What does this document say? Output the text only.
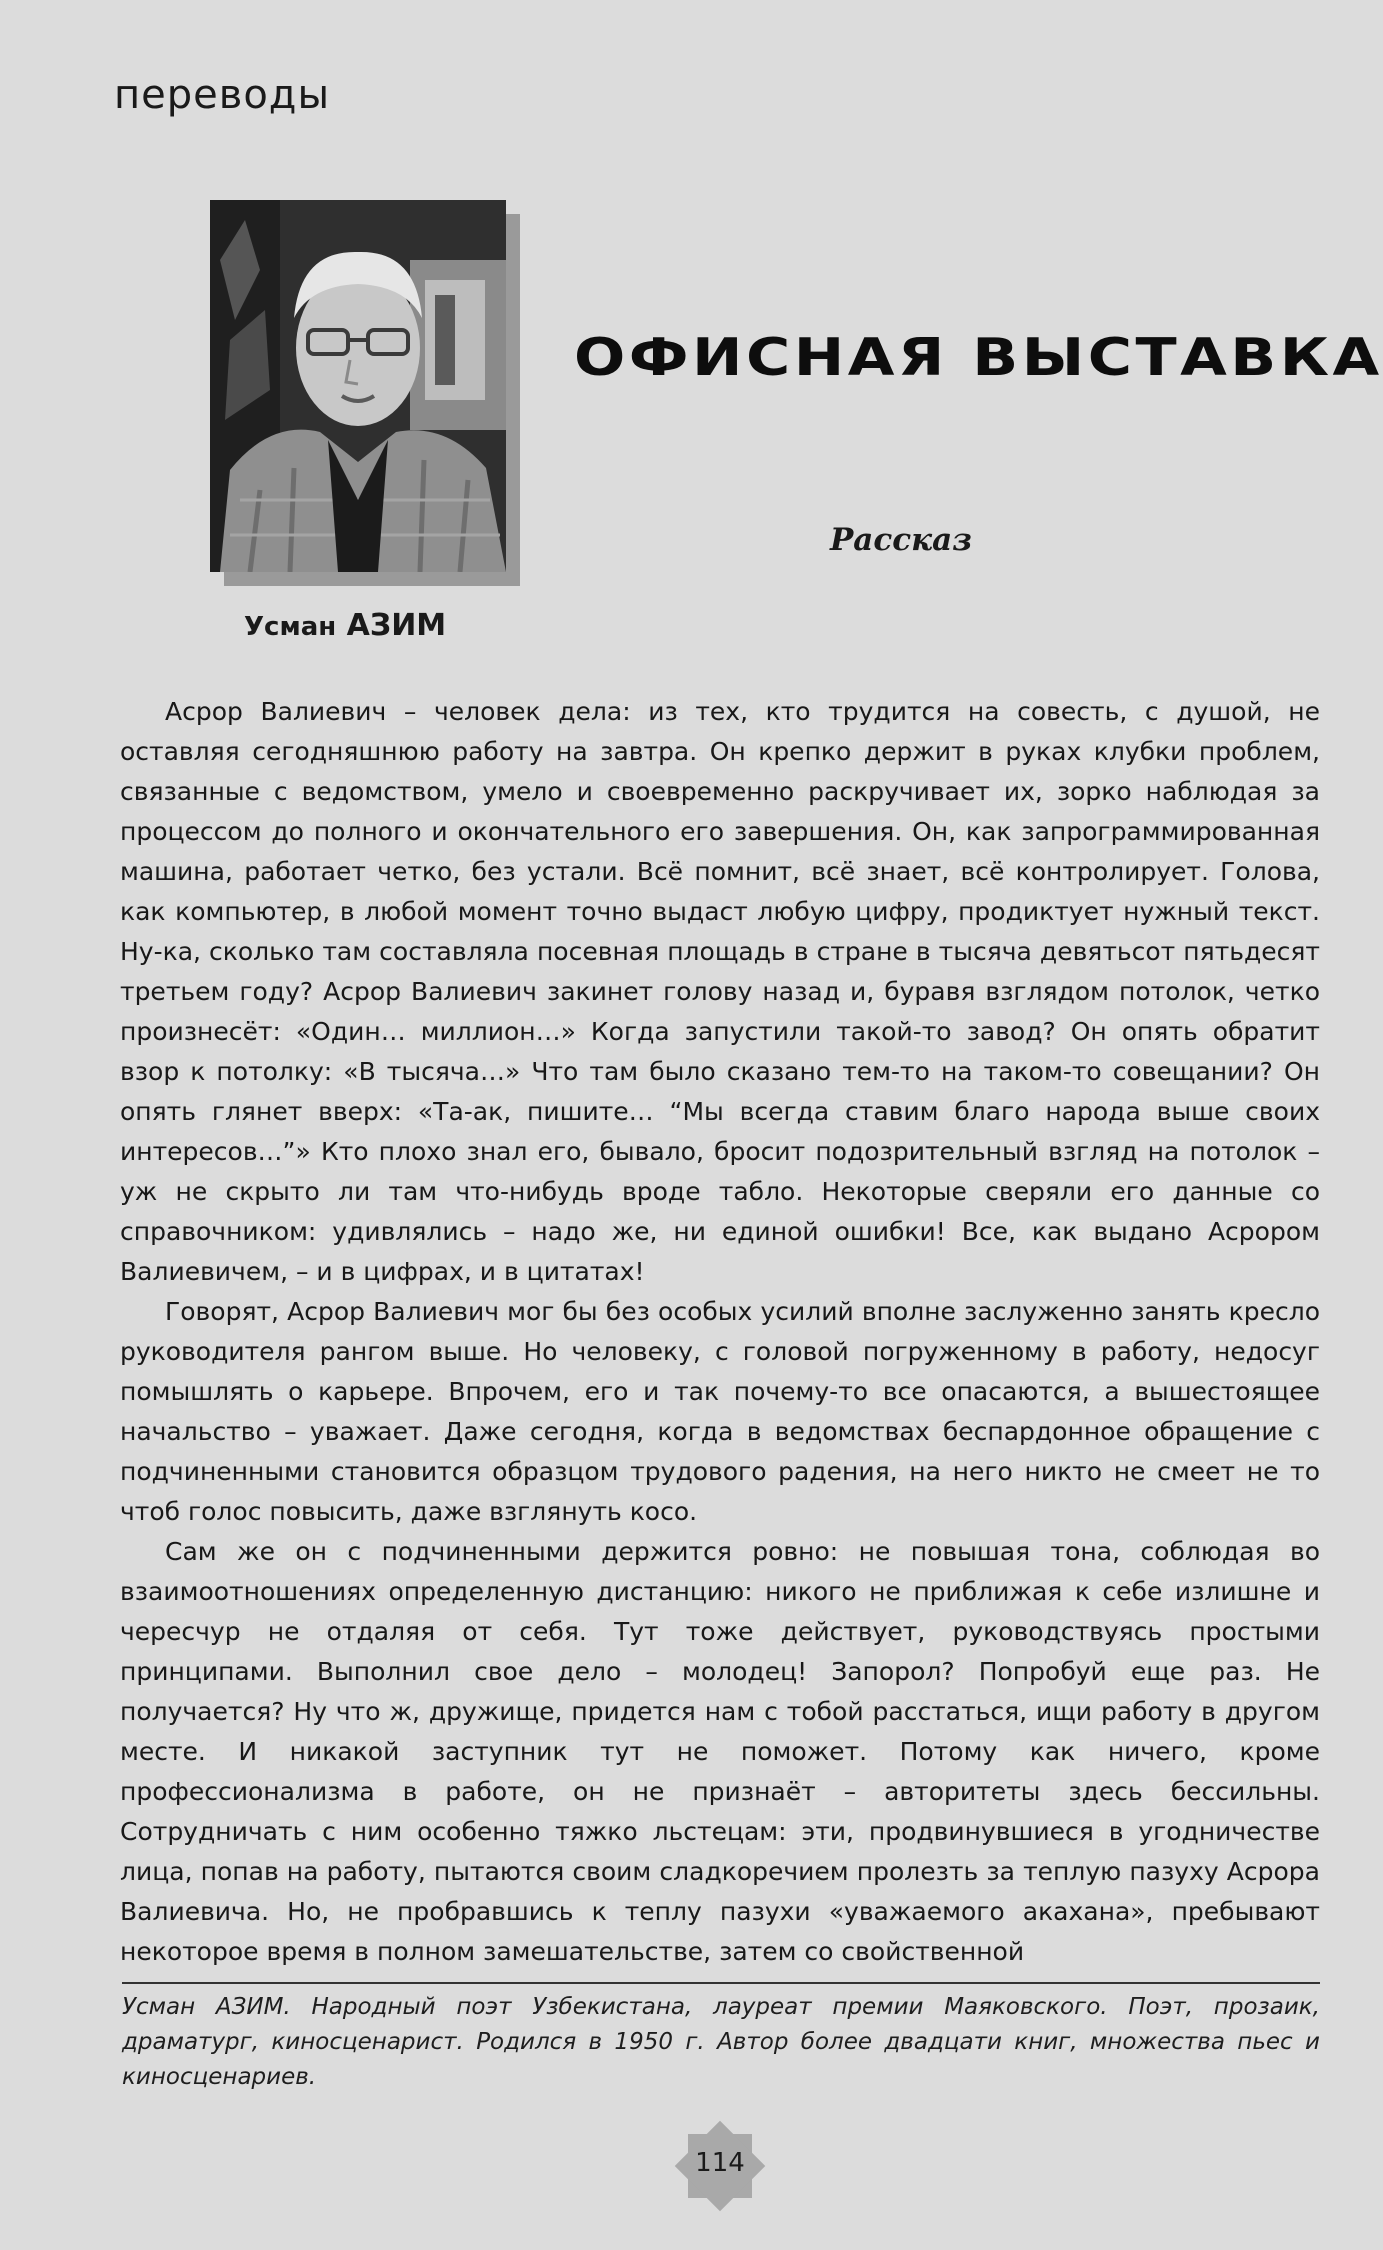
переводы
ОФИСНАЯ ВЫСТАВКА
Рассказ
Усман АЗИМ

Асрор Валиевич – человек дела: из тех, кто трудится на совесть, с душой, не оставляя сегодняшнюю работу на завтра. Он крепко держит в руках клубки проблем, связанные с ведомством, умело и своевременно раскручивает их, зорко наблюдая за процессом до полного и окончательного его завершения. Он, как запрограммированная машина, работает четко, без устали. Всё помнит, всё знает, всё контролирует. Голова, как компьютер, в любой момент точно выдаст любую цифру, продиктует нужный текст. Ну-ка, сколько там составляла посевная площадь в стране в тысяча девятьсот пятьдесят третьем году? Асрор Валиевич закинет голову назад и, буравя взглядом потолок, четко произнесёт: «Один… миллион…» Когда запустили такой-то завод? Он опять обратит взор к потолку: «В тысяча…» Что там было сказано тем-то на таком-то совещании? Он опять глянет вверх: «Та-ак, пишите… “Мы всегда ставим благо народа выше своих интересов…”» Кто плохо знал его, бывало, бросит подозрительный взгляд на потолок – уж не скрыто ли там что-нибудь вроде табло. Некоторые сверяли его данные со справочником: удивлялись – надо же, ни единой ошибки! Все, как выдано Асрором Валиевичем, – и в цифрах, и в цитатах!

Говорят, Асрор Валиевич мог бы без особых усилий вполне заслуженно занять кресло руководителя рангом выше. Но человеку, с головой погруженному в работу, недосуг помышлять о карьере. Впрочем, его и так почему-то все опасаются, а вышестоящее начальство – уважает. Даже сегодня, когда в ведомствах беспардонное обращение с подчиненными становится образцом трудового радения, на него никто не смеет не то чтоб голос повысить, даже взглянуть косо.

Сам же он с подчиненными держится ровно: не повышая тона, соблюдая во взаимоотношениях определенную дистанцию: никого не приближая к себе излишне и чересчур не отдаляя от себя. Тут тоже действует, руководствуясь простыми принципами. Выполнил свое дело – молодец! Запорол? Попробуй еще раз. Не получается? Ну что ж, дружище, придется нам с тобой расстаться, ищи работу в другом месте. И никакой заступник тут не поможет. Потому как ничего, кроме профессионализма в работе, он не признаёт – авторитеты здесь бессильны. Сотрудничать с ним особенно тяжко льстецам: эти, продвинувшиеся в угодничестве лица, попав на работу, пытаются своим сладкоречием пролезть за теплую пазуху Асрора Валиевича. Но, не пробравшись к теплу пазухи «уважаемого акахана», пребывают некоторое время в полном замешательстве, затем со свойственной

Усман АЗИМ. Народный поэт Узбекистана, лауреат премии Маяковского. Поэт, прозаик, драматург, киносценарист. Родился в 1950 г. Автор более двадцати книг, множества пьес и киносценариев.
114
